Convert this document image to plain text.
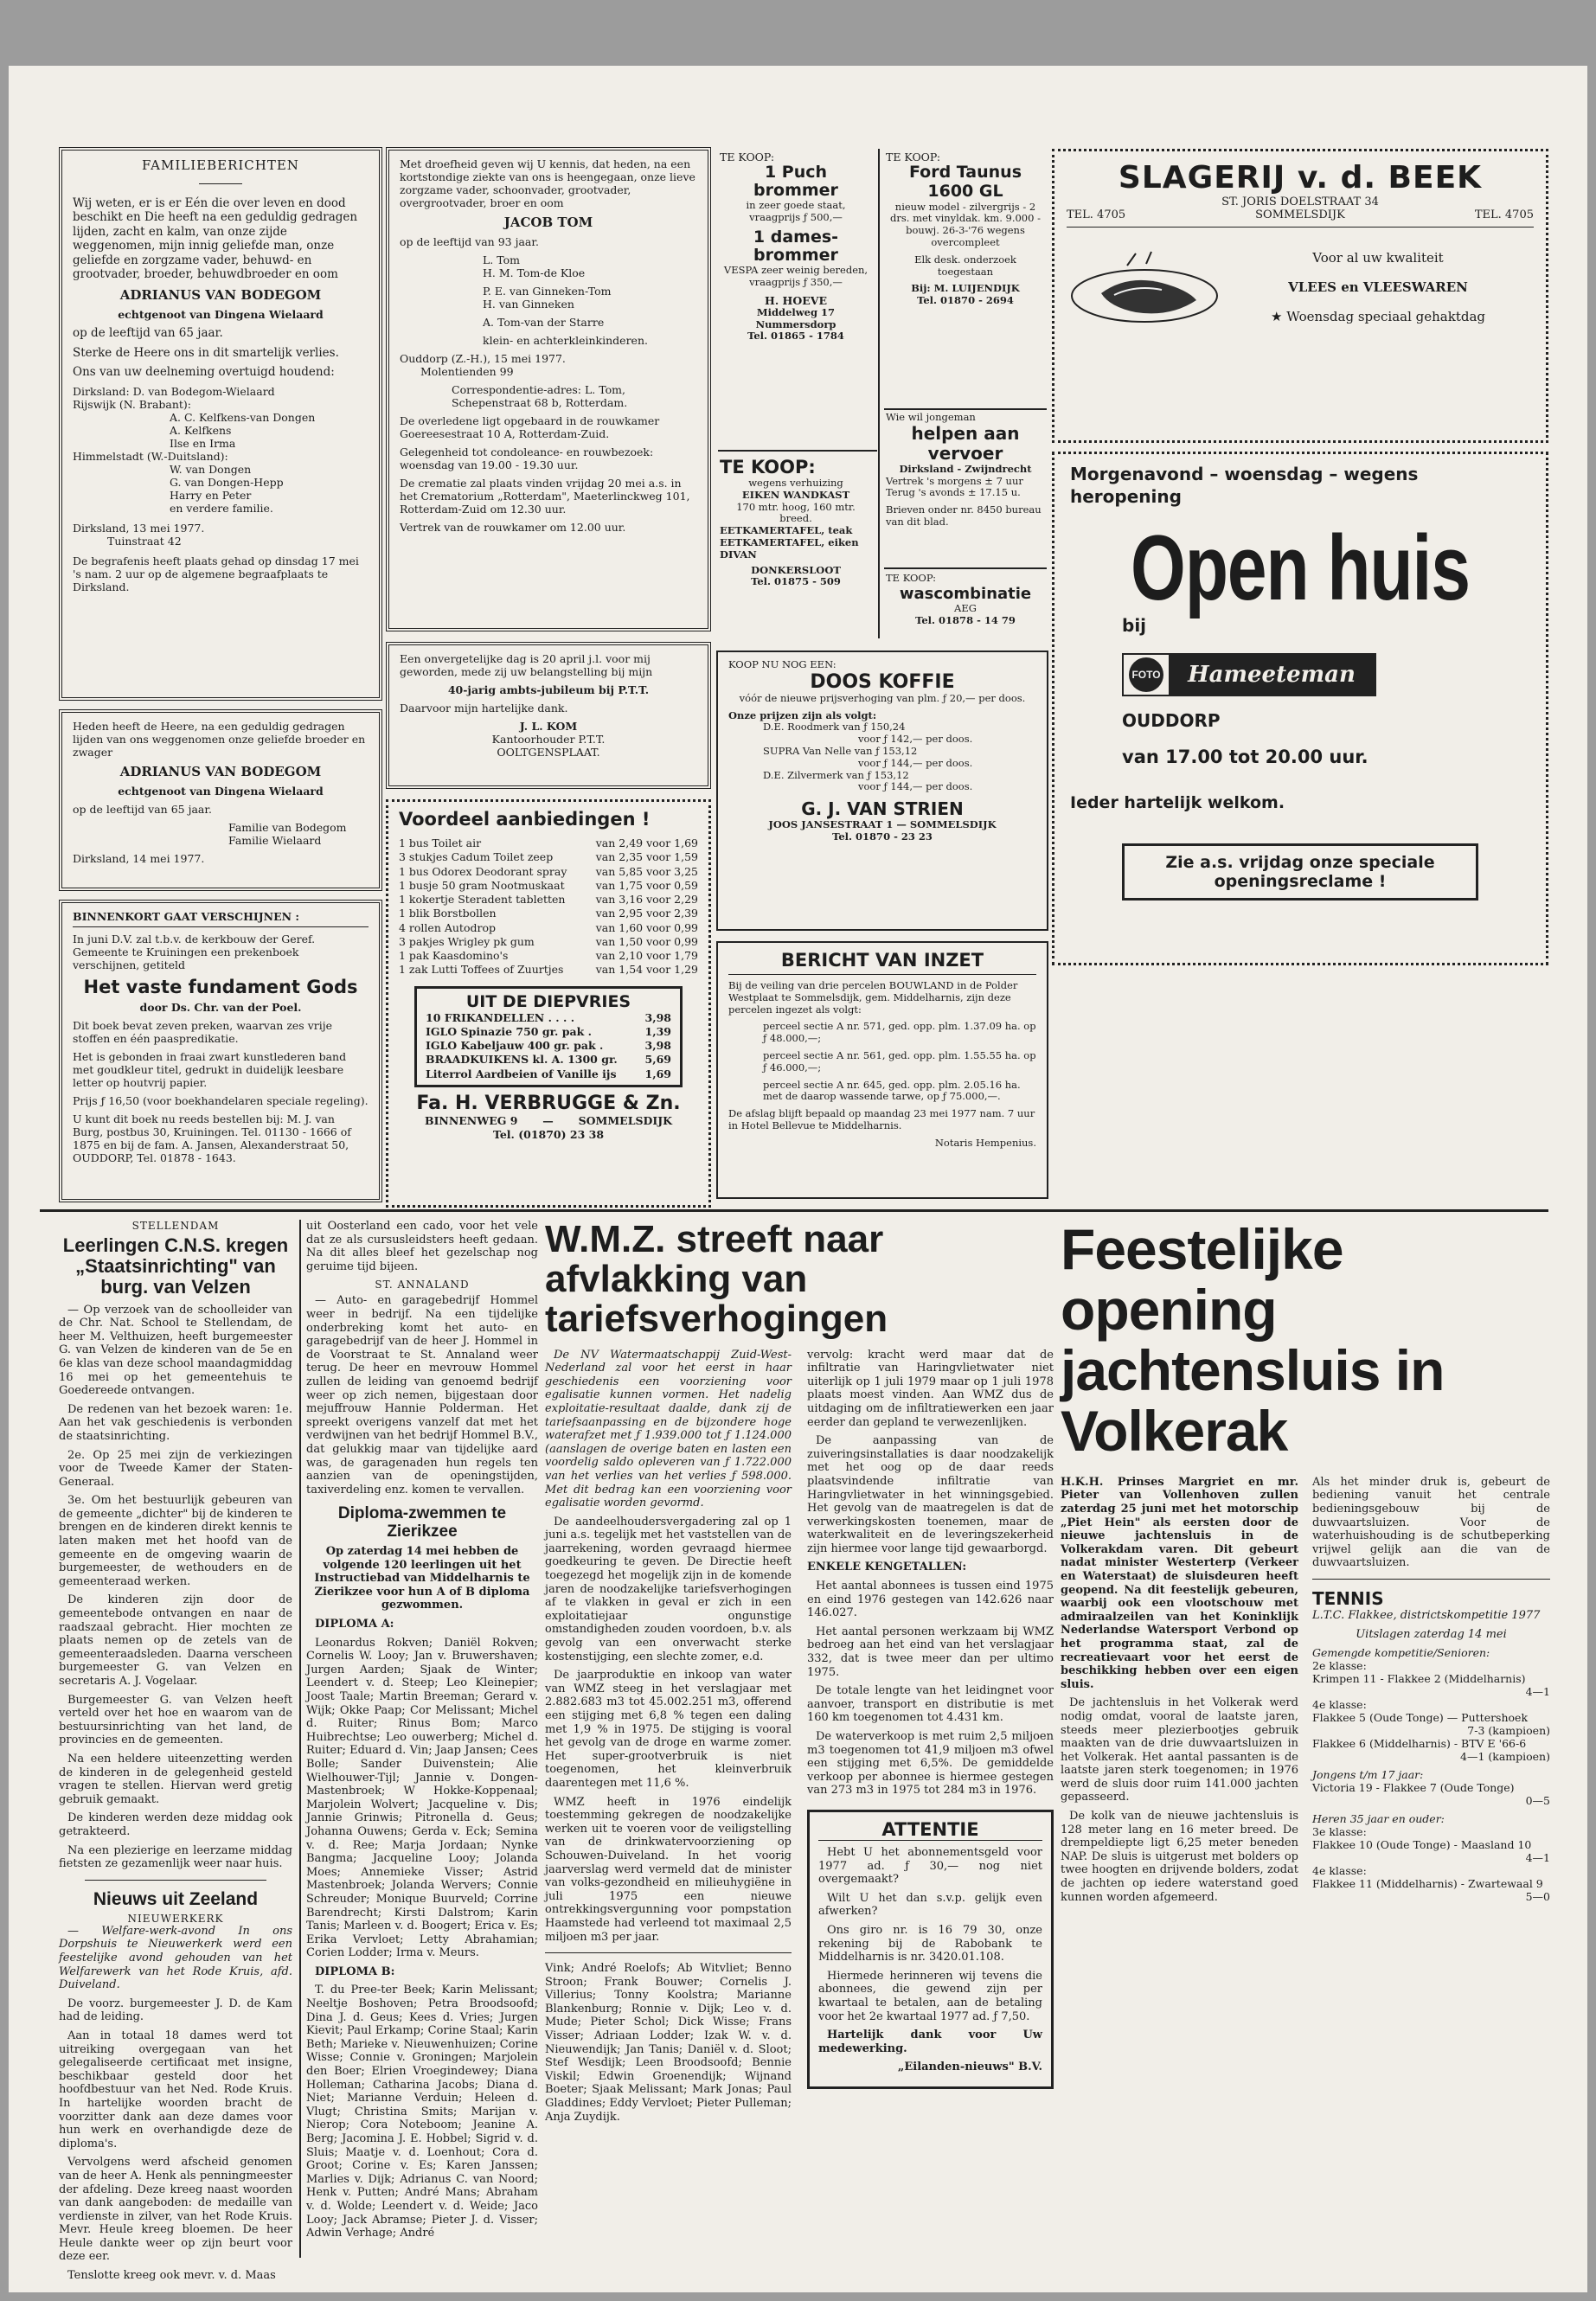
FAMILIEBERICHTEN

Wij weten, er is er Eén die over leven en dood beschikt en Die heeft na een geduldig gedragen lijden, zacht en kalm, van onze zijde weggenomen, mijn innig geliefde man, onze geliefde en zorgzame vader, behuwd- en grootvader, broeder, behuwdbroeder en oom

ADRIANUS VAN BODEGOM

echtgenoot van Dingena Wielaard

op de leeftijd van 65 jaar.

Sterke de Heere ons in dit smartelijk verlies.

Ons van uw deelneming overtuigd houdend:

Dirksland: D. van Bodegom-Wielaard
Rijswijk (N. Brabant):
A. C. Kelfkens-van Dongen
A. Kelfkens
Ilse en Irma
Himmelstadt (W.-Duitsland):
W. van Dongen
G. van Dongen-Hepp
Harry en Peter
en verdere familie.

Dirksland, 13 mei 1977.

Tuinstraat 42

De begrafenis heeft plaats gehad op dinsdag 17 mei 's nam. 2 uur op de algemene begraafplaats te Dirksland.

Heden heeft de Heere, na een geduldig gedragen lijden van ons weggenomen onze geliefde broeder en zwager

ADRIANUS VAN BODEGOM

echtgenoot van Dingena Wielaard

op de leeftijd van 65 jaar.

Familie van Bodegom

Familie Wielaard

Dirksland, 14 mei 1977.

BINNENKORT GAAT VERSCHIJNEN :

In juni D.V. zal t.b.v. de kerkbouw der Geref. Gemeente te Kruiningen een prekenboek verschijnen, getiteld

Het vaste fundament Gods

door Ds. Chr. van der Poel.

Dit boek bevat zeven preken, waarvan zes vrije stoffen en één paaspredikatie.

Het is gebonden in fraai zwart kunstlederen band met goudkleur titel, gedrukt in duidelijk leesbare letter op houtvrij papier.

Prijs ƒ 16,50 (voor boekhandelaren speciale regeling).

U kunt dit boek nu reeds bestellen bij: M. J. van Burg, postbus 30, Kruiningen. Tel. 01130 - 1666 of 1875 en bij de fam. A. Jansen, Alexanderstraat 50, OUDDORP, Tel. 01878 - 1643.

Met droefheid geven wij U kennis, dat heden, na een kortstondige ziekte van ons is heengegaan, onze lieve zorgzame vader, schoonvader, grootvader, overgrootvader, broer en oom

JACOB TOM

op de leeftijd van 93 jaar.

L. Tom
H. M. Tom-de Kloe
P. E. van Ginneken-Tom
H. van Ginneken
A. Tom-van der Starre
klein- en achterkleinkinderen.

Ouddorp (Z.-H.), 15 mei 1977.

Molentienden 99

Correspondentie-adres: L. Tom, Schepenstraat 68 b, Rotterdam.

De overledene ligt opgebaard in de rouwkamer Goereesestraat 10 A, Rotterdam-Zuid.

Gelegenheid tot condoleance- en rouwbezoek: woensdag van 19.00 - 19.30 uur.

De crematie zal plaats vinden vrijdag 20 mei a.s. in het Crematorium „Rotterdam", Maeterlinckweg 101, Rotterdam-Zuid om 12.30 uur.

Vertrek van de rouwkamer om 12.00 uur.

Een onvergetelijke dag is 20 april j.l. voor mij geworden, mede zij uw belangstelling bij mijn

40-jarig ambts-jubileum bij P.T.T.

Daarvoor mijn hartelijke dank.

J. L. KOM

Kantoorhouder P.T.T.

OOLTGENSPLAAT.

Voordeel aanbiedingen !
1 bus Toilet air	van 2,49 voor 1,69
3 stukjes Cadum Toilet zeep	van 2,35 voor 1,59
1 bus Odorex Deodorant spray	van 5,85 voor 3,25
1 busje 50 gram Nootmuskaat	van 1,75 voor 0,59
1 kokertje Steradent tabletten	van 3,16 voor 2,29
1 blik Borstbollen	van 2,95 voor 2,39
4 rollen Autodrop	van 1,60 voor 0,99
3 pakjes Wrigley pk gum	van 1,50 voor 0,99
1 pak Kaasdomino's	van 2,10 voor 1,79
1 zak Lutti Toffees of Zuurtjes	van 1,54 voor 1,29
UIT DE DIEPVRIES
10 FRIKANDELLEN . . . .	3,98
IGLO Spinazie 750 gr. pak .	1,39
IGLO Kabeljauw 400 gr. pak .	3,98
BRAADKUIKENS kl. A. 1300 gr.	5,69
Literrol Aardbeien of Vanille ijs	1,69
Fa. H. VERBRUGGE & Zn.
BINNENWEG 9 — SOMMELSDIJK
Tel. (01870) 23 38
TE KOOP:
1 Puch brommer

in zeer goede staat, vraagprijs ƒ 500,—

1 dames-brommer

VESPA zeer weinig bereden, vraagprijs ƒ 350,—

H. HOEVE
Middelweg 17 Nummersdorp
Tel. 01865 - 1784
TE KOOP:

wegens verhuizing

EIKEN WANDKAST

170 mtr. hoog, 160 mtr. breed.

EETKAMERTAFEL, teak
EETKAMERTAFEL, eiken
DIVAN
DONKERSLOOT
Tel. 01875 - 509
TE KOOP:
Ford Taunus 1600 GL

nieuw model - zilvergrijs - 2 drs. met vinyldak. km. 9.000 - bouwj. 26-3-'76 wegens overcompleet

Elk desk. onderzoek toegestaan

Bij: M. LUIJENDIJK
Tel. 01870 - 2694
Wie wil jongeman
helpen aan vervoer
Dirksland - Zwijndrecht

Vertrek 's morgens ± 7 uur Terug 's avonds ± 17.15 u.

Brieven onder nr. 8450 bureau van dit blad.

TE KOOP:
wascombinatie
AEG
Tel. 01878 - 14 79
KOOP NU NOG EEN:
DOOS KOFFIE

vóór de nieuwe prijsverhoging van plm. ƒ 20,— per doos.

Onze prijzen zijn als volgt:
D.E. Roodmerk van ƒ 150,24
voor ƒ 142,— per doos.
SUPRA Van Nelle van ƒ 153,12
voor ƒ 144,— per doos.
D.E. Zilvermerk van ƒ 153,12
voor ƒ 144,— per doos.
G. J. VAN STRIEN
JOOS JANSESTRAAT 1 — SOMMELSDIJK
Tel. 01870 - 23 23
BERICHT VAN INZET

Bij de veiling van drie percelen BOUWLAND in de Polder Westplaat te Sommelsdijk, gem. Middelharnis, zijn deze percelen ingezet als volgt:

perceel sectie A nr. 571, ged. opp. plm. 1.37.09 ha. op ƒ 48.000,—;

perceel sectie A nr. 561, ged. opp. plm. 1.55.55 ha. op ƒ 46.000,—;

perceel sectie A nr. 645, ged. opp. plm. 2.05.16 ha. met de daarop wassende tarwe, op ƒ 75.000,—.

De afslag blijft bepaald op maandag 23 mei 1977 nam. 7 uur in Hotel Bellevue te Middelharnis.

Notaris Hempenius.

SLAGERIJ v. d. BEEK
TEL. 4705
ST. JORIS DOELSTRAAT 34
SOMMELSDIJK	TEL. 4705
Voor al uw kwaliteit
VLEES en VLEESWAREN
★ Woensdag speciaal gehaktdag
Morgenavond – woensdag – wegens heropening
Open huis
bij
FOTO	Hameeteman
OUDDORP
van 17.00 tot 20.00 uur.
Ieder hartelijk welkom.
Zie a.s. vrijdag onze speciale openingsreclame !
STELLENDAM
Leerlingen C.N.S. kregen „Staatsinrichting" van burg. van Velzen

— Op verzoek van de schoolleider van de Chr. Nat. School te Stellendam, de heer M. Velthuizen, heeft burgemeester G. van Velzen de kinderen van de 5e en 6e klas van deze school maandagmiddag 16 mei op het gemeentehuis te Goedereede ontvangen.

De redenen van het bezoek waren: 1e. Aan het vak geschiedenis is verbonden de staatsinrichting.

2e. Op 25 mei zijn de verkiezingen voor de Tweede Kamer der Staten-Generaal.

3e. Om het bestuurlijk gebeuren van de gemeente „dichter" bij de kinderen te brengen en de kinderen direkt kennis te laten maken met het hoofd van de gemeente en de omgeving waarin de burgemeester, de wethouders en de gemeenteraad werken.

De kinderen zijn door de gemeentebode ontvangen en naar de raadszaal gebracht. Hier mochten ze plaats nemen op de zetels van de gemeenteraadsleden. Daarna verscheen burgemeester G. van Velzen en secretaris A. J. Vogelaar.

Burgemeester G. van Velzen heeft verteld over het hoe en waarom van de bestuursinrichting van het land, de provincies en de gemeenten.

Na een heldere uiteenzetting werden de kinderen in de gelegenheid gesteld vragen te stellen. Hiervan werd gretig gebruik gemaakt.

De kinderen werden deze middag ook getrakteerd.

Na een plezierige en leerzame middag fietsten ze gezamenlijk weer naar huis.

Nieuws uit Zeeland
NIEUWERKERK

— Welfare-werk-avond In ons Dorpshuis te Nieuwerkerk werd een feestelijke avond gehouden van het Welfarewerk van het Rode Kruis, afd. Duiveland.

De voorz. burgemeester J. D. de Kam had de leiding.

Aan in totaal 18 dames werd tot uitreiking overgegaan van het gelegaliseerde certificaat met insigne, beschikbaar gesteld door het hoofdbestuur van het Ned. Rode Kruis. In hartelijke woorden bracht de voorzitter dank aan deze dames voor hun werk en overhandigde deze de diploma's.

Vervolgens werd afscheid genomen van de heer A. Henk als penningmeester der afdeling. Deze kreeg naast woorden van dank aangeboden: de medaille van verdienste in zilver, van het Rode Kruis. Mevr. Heule kreeg bloemen. De heer Heule dankte weer op zijn beurt voor deze eer.

Tenslotte kreeg ook mevr. v. d. Maas

uit Oosterland een cado, voor het vele dat ze als cursusleidsters heeft gedaan. Na dit alles bleef het gezelschap nog geruime tijd bijeen.

ST. ANNALAND

— Auto- en garagebedrijf Hommel weer in bedrijf. Na een tijdelijke onderbreking komt het auto- en garagebedrijf van de heer J. Hommel in de Voorstraat te St. Annaland weer terug. De heer en mevrouw Hommel zullen de leiding van genoemd bedrijf weer op zich nemen, bijgestaan door mejuffrouw Hannie Polderman. Het spreekt overigens vanzelf dat met het verdwijnen van het bedrijf Hommel B.V., dat gelukkig maar van tijdelijke aard was, de garagenaden hun regels ten aanzien van de openingstijden, taxiverdeling enz. komen te vervallen.

Diploma-zwemmen te Zierikzee

Op zaterdag 14 mei hebben de volgende 120 leerlingen uit het Instructiebad van Middelharnis te Zierikzee voor hun A of B diploma gezwommen.

DIPLOMA A:

Leonardus Rokven; Daniël Rokven; Cornelis W. Looy; Jan v. Bruwershaven; Jurgen Aarden; Sjaak de Winter; Leendert v. d. Steep; Leo Kleinepier; Joost Taale; Martin Breeman; Gerard v. Wijk; Okke Paap; Cor Melissant; Michel d. Ruiter; Rinus Bom; Marco Huibrechtse; Leo ouwerberg; Michel d. Ruiter; Eduard d. Vin; Jaap Jansen; Cees Bolle; Sander Duivenstein; Alie Wielhouwer-Tijl; Jannie v. Dongen-Mastenbroek; W Hokke-Koppenaal; Marjolein Wolvert; Jacqueline v. Dis; Jannie Grinwis; Pitronella d. Geus; Johanna Ouwens; Gerda v. Eck; Semina v. d. Ree; Marja Jordaan; Nynke Bangma; Jacqueline Looy; Jolanda Moes; Annemieke Visser; Astrid Mastenbroek; Jolanda Wervers; Connie Schreuder; Monique Buurveld; Corrine Barendrecht; Kirsti Dalstrom; Karin Tanis; Marleen v. d. Boogert; Erica v. Es; Erika Vervloet; Letty Abrahamian; Corien Lodder; Irma v. Meurs.

DIPLOMA B:

T. du Pree-ter Beek; Karin Melissant; Neeltje Boshoven; Petra Broodsoofd; Dina J. d. Geus; Kees d. Vries; Jurgen Kievit; Paul Erkamp; Corine Staal; Karin Beth; Marieke v. Nieuwenhuizen; Corine Wisse; Connie v. Groningen; Marjolein den Boer; Elrien Vroegindewey; Diana Holleman; Catharina Jacobs; Diana d. Niet; Marianne Verduin; Heleen d. Vlugt; Christina Smits; Marijan v. Nierop; Cora Noteboom; Jeanine A. Berg; Jacomina J. E. Hobbel; Sigrid v. d. Sluis; Maatje v. d. Loenhout; Cora d. Groot; Corine v. Es; Karen Janssen; Marlies v. Dijk; Adrianus C. van Noord; Henk v. Putten; André Mans; Abraham v. d. Wolde; Leendert v. d. Weide; Jaco Looy; Jack Abramse; Pieter J. d. Visser; Adwin Verhage; André

W.M.Z. streeft naar afvlakking van tariefsverhogingen

De NV Watermaatschappij Zuid-West-Nederland zal voor het eerst in haar geschiedenis een voorziening voor egalisatie kunnen vormen. Het nadelig exploitatie-resultaat daalde, dank zij de tariefsaanpassing en de bijzondere hoge waterafzet met ƒ 1.939.000 tot ƒ 1.124.000 (aanslagen de overige baten en lasten een voordelig saldo opleveren van ƒ 1.722.000 van het verlies van het verlies ƒ 598.000. Met dit bedrag kan een voorziening voor egalisatie worden gevormd.

De aandeelhoudersvergadering zal op 1 juni a.s. tegelijk met het vaststellen van de jaarrekening, worden gevraagd hiermee goedkeuring te geven. De Directie heeft toegezegd het mogelijk zijn in de komende jaren de noodzakelijke tariefsverhogingen af te vlakken in geval er zich in een exploitatiejaar ongunstige omstandigheden zouden voordoen, b.v. als gevolg van een onverwacht sterke kostenstijging, een slechte zomer, e.d.

De jaarproduktie en inkoop van water van WMZ steeg in het verslagjaar met 2.882.683 m3 tot 45.002.251 m3, offerend een stijging met 6,8 % tegen een daling met 1,9 % in 1975. De stijging is vooral het gevolg van de droge en warme zomer. Het super-grootverbruik is niet toegenomen, het kleinverbruik daarentegen met 11,6 %.

WMZ heeft in 1976 eindelijk toestemming gekregen de noodzakelijke werken uit te voeren voor de veiligstelling van de drinkwatervoorziening op Schouwen-Duiveland. In het voorig jaarverslag werd vermeld dat de minister van volks-gezondheid en milieuhygiëne in juli 1975 een nieuwe ontrekkingsvergunning voor pompstation Haamstede had verleend tot maximaal 2,5 miljoen m3 per jaar.

Vink; André Roelofs; Ab Witvliet; Benno Stroon; Frank Bouwer; Cornelis J. Villerius; Tonny Koolstra; Marianne Blankenburg; Ronnie v. Dijk; Leo v. d. Mude; Pieter Schol; Dick Wisse; Frans Visser; Adriaan Lodder; Izak W. v. d. Nieuwendijk; Jan Tanis; Daniël v. d. Sloot; Stef Wesdijk; Leen Broodsoofd; Bennie Viskil; Edwin Groenendijk; Wijnand Boeter; Sjaak Melissant; Mark Jonas; Paul Gladdines; Eddy Vervloet; Pieter Pulleman; Anja Zuydijk.

vervolg: kracht werd maar dat de infiltratie van Haringvlietwater niet uiterlijk op 1 juli 1979 maar op 1 juli 1978 plaats moest vinden. Aan WMZ dus de uitdaging om de infiltratiewerken een jaar eerder dan gepland te verwezenlijken.

De aanpassing van de zuiveringsinstallaties is daar noodzakelijk met het oog op de daar reeds plaatsvindende infiltratie van Haringvlietwater in het winningsgebied. Het gevolg van de maatregelen is dat de verwerkingskosten toenemen, maar de waterkwaliteit en de leveringszekerheid zijn hiermee voor lange tijd gewaarborgd.

ENKELE KENGETALLEN:

Het aantal abonnees is tussen eind 1975 en eind 1976 gestegen van 142.626 naar 146.027.

Het aantal personen werkzaam bij WMZ bedroeg aan het eind van het verslagjaar 332, dat is twee meer dan per ultimo 1975.

De totale lengte van het leidingnet voor aanvoer, transport en distributie is met 160 km toegenomen tot 4.431 km.

De waterverkoop is met ruim 2,5 miljoen m3 toegenomen tot 41,9 miljoen m3 ofwel een stijging met 6,5%. De gemiddelde verkoop per abonnee is hiermee gestegen van 273 m3 in 1975 tot 284 m3 in 1976.

ATTENTIE

Hebt U het abonnementsgeld voor 1977 ad. ƒ 30,— nog niet overgemaakt?

Wilt U het dan s.v.p. gelijk even afwerken?

Ons giro nr. is 16 79 30, onze rekening bij de Rabobank te Middelharnis is nr. 3420.01.108.

Hiermede herinneren wij tevens die abonnees, die gewend zijn per kwartaal te betalen, aan de betaling voor het 2e kwartaal 1977 ad. ƒ 7,50.

Hartelijk dank voor Uw medewerking.

„Eilanden-nieuws" B.V.

Feestelijke opening jachtensluis in Volkerak

H.K.H. Prinses Margriet en mr. Pieter van Vollenhoven zullen zaterdag 25 juni met het motorschip „Piet Hein" als eersten door de nieuwe jachtensluis in de Volkerakdam varen. Dit gebeurt nadat minister Westerterp (Verkeer en Waterstaat) de sluisdeuren heeft geopend. Na dit feestelijk gebeuren, waarbij ook een vlootschouw met admiraalzeilen van het Koninklijk Nederlandse Watersport Verbond op het programma staat, zal de recreatievaart voor het eerst de beschikking hebben over een eigen sluis.

De jachtensluis in het Volkerak werd nodig omdat, vooral de laatste jaren, steeds meer plezierbootjes gebruik maakten van de drie duwvaartsluizen in het Volkerak. Het aantal passanten is de laatste jaren sterk toegenomen; in 1976 werd de sluis door ruim 141.000 jachten gepasseerd.

De kolk van de nieuwe jachtensluis is 128 meter lang en 16 meter breed. De drempeldiepte ligt 6,25 meter beneden NAP. De sluis is uitgerust met bolders op twee hoogten en drijvende bolders, zodat de jachten op iedere waterstand goed kunnen worden afgemeerd.

Als het minder druk is, gebeurt de bediening vanuit het centrale bedieningsgebouw bij de duwvaartsluizen. Voor de waterhuishouding is de schutbeperking vrijwel gelijk aan die van de duwvaartsluizen.

TENNIS

L.T.C. Flakkee, districtskompetitie 1977

Uitslagen zaterdag 14 mei

Gemengde kompetitie/Senioren:
2e klasse:
Krimpen 11 - Flakkee 2 (Middelharnis)
4—1
4e klasse:
Flakkee 5 (Oude Tonge) — Puttershoek
7-3 (kampioen)
Flakkee 6 (Middelharnis) - BTV E '66-6
4—1 (kampioen)
Jongens t/m 17 jaar:
Victoria 19 - Flakkee 7 (Oude Tonge)
0—5
Heren 35 jaar en ouder:
3e klasse:
Flakkee 10 (Oude Tonge) - Maasland 10
4—1
4e klasse:
Flakkee 11 (Middelharnis) - Zwartewaal 9
5—0
